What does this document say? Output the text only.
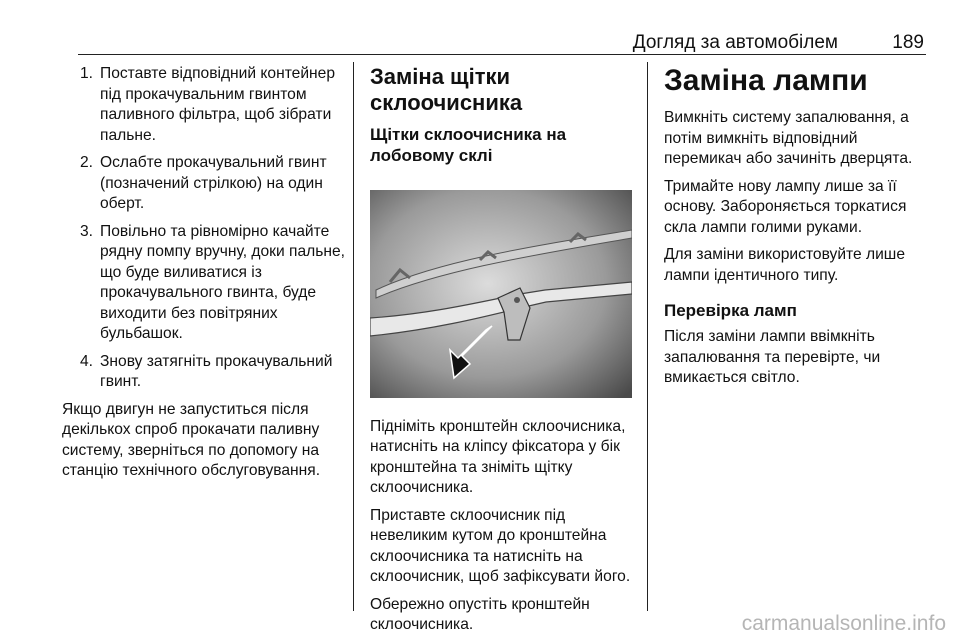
Догляд за автомобілем	189
1. Поставте відповідний контейнер під прокачувальним гвинтом паливного фільтра, щоб зібрати пальне.
2. Ослабте прокачувальний гвинт (позначений стрілкою) на один оберт.
3. Повільно та рівномірно качайте рядну помпу вручну, доки пальне, що буде виливатися із прокачувального гвинта, буде виходити без повітряних бульбашок.
4. Знову затягніть прокачувальний гвинт.

Якщо двигун не запуститься після декількох спроб прокачати паливну систему, зверніться по допомогу на станцію технічного обслуговування.

Заміна щітки склоочисника
Щітки склоочисника на лобовому склі

Підніміть кронштейн склоочисника, натисніть на кліпсу фіксатора у бік кронштейна та зніміть щітку склоочисника.

Приставте склоочисник під невеликим кутом до кронштейна склоочисника та натисніть на склоочисник, щоб зафіксувати його.

Обережно опустіть кронштейн склоочисника.

Заміна лампи

Вимкніть систему запалювання, а потім вимкніть відповідний перемикач або зачиніть дверцята.

Тримайте нову лампу лише за її основу. Забороняється торкатися скла лампи голими руками.

Для заміни використовуйте лише лампи ідентичного типу.

Перевірка ламп

Після заміни лампи ввімкніть запалювання та перевірте, чи вмикається світло.

carmanualsonline.info
